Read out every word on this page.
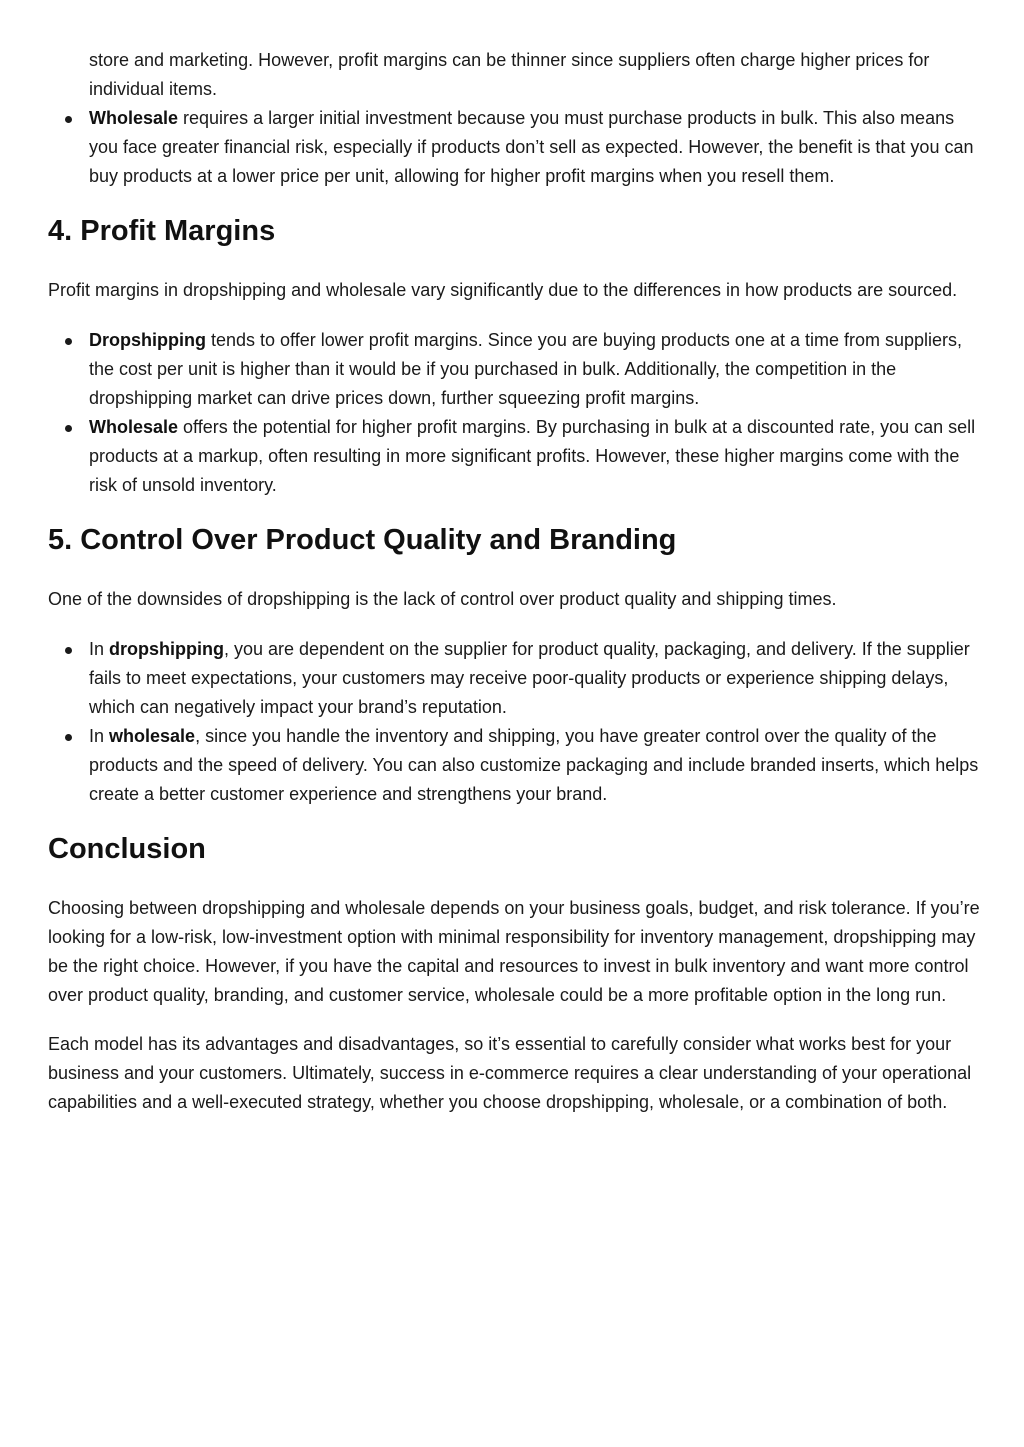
store and marketing. However, profit margins can be thinner since suppliers often charge higher prices for individual items.
Wholesale requires a larger initial investment because you must purchase products in bulk. This also means you face greater financial risk, especially if products don’t sell as expected. However, the benefit is that you can buy products at a lower price per unit, allowing for higher profit margins when you resell them.
4. Profit Margins

Profit margins in dropshipping and wholesale vary significantly due to the differences in how products are sourced.

Dropshipping tends to offer lower profit margins. Since you are buying products one at a time from suppliers, the cost per unit is higher than it would be if you purchased in bulk. Additionally, the competition in the dropshipping market can drive prices down, further squeezing profit margins.
Wholesale offers the potential for higher profit margins. By purchasing in bulk at a discounted rate, you can sell products at a markup, often resulting in more significant profits. However, these higher margins come with the risk of unsold inventory.
5. Control Over Product Quality and Branding

One of the downsides of dropshipping is the lack of control over product quality and shipping times.

In dropshipping, you are dependent on the supplier for product quality, packaging, and delivery. If the supplier fails to meet expectations, your customers may receive poor-quality products or experience shipping delays, which can negatively impact your brand’s reputation.
In wholesale, since you handle the inventory and shipping, you have greater control over the quality of the products and the speed of delivery. You can also customize packaging and include branded inserts, which helps create a better customer experience and strengthens your brand.
Conclusion

Choosing between dropshipping and wholesale depends on your business goals, budget, and risk tolerance. If you’re looking for a low-risk, low-investment option with minimal responsibility for inventory management, dropshipping may be the right choice. However, if you have the capital and resources to invest in bulk inventory and want more control over product quality, branding, and customer service, wholesale could be a more profitable option in the long run.

Each model has its advantages and disadvantages, so it’s essential to carefully consider what works best for your business and your customers. Ultimately, success in e-commerce requires a clear understanding of your operational capabilities and a well-executed strategy, whether you choose dropshipping, wholesale, or a combination of both.
